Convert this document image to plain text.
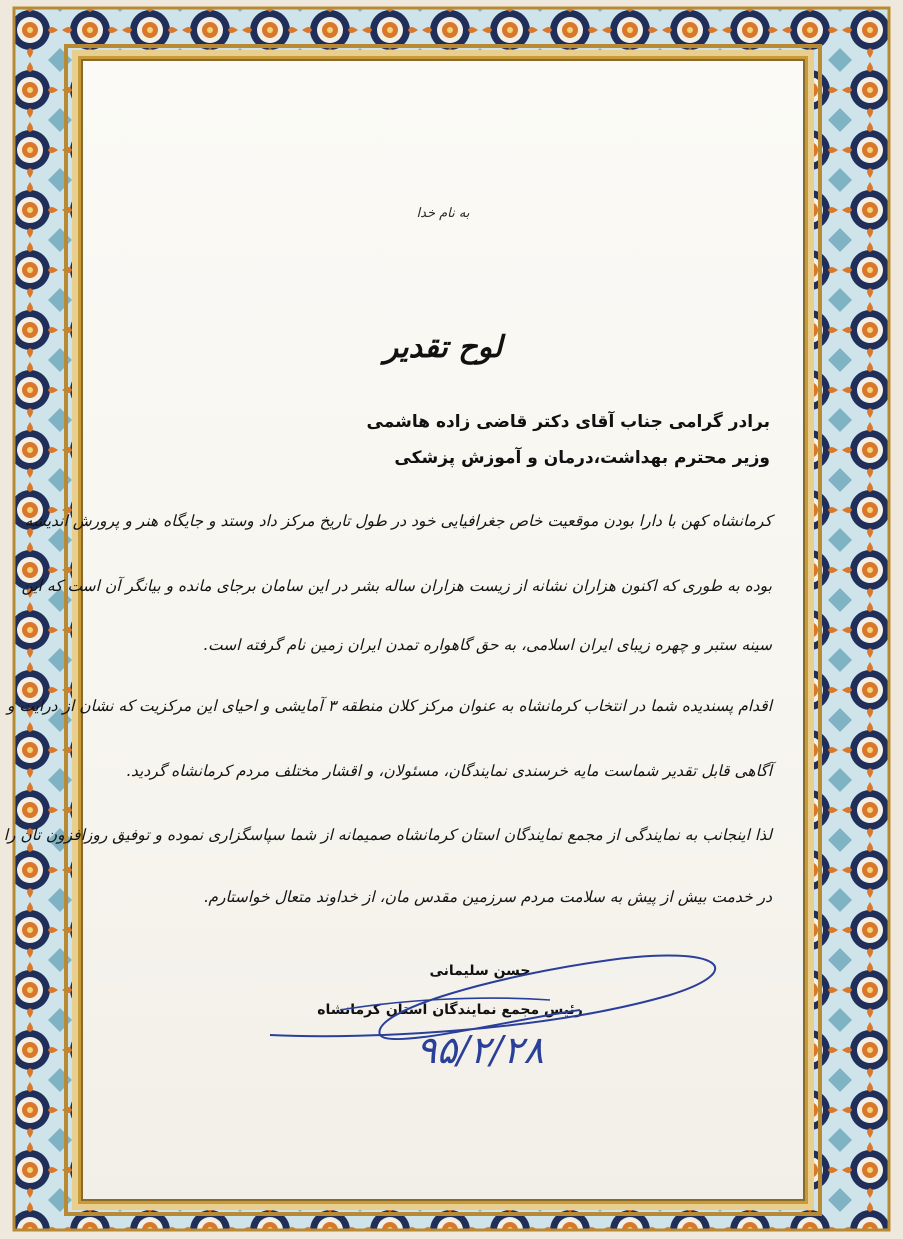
به نام خدا
لوح تقدیر
برادر گرامی جناب آقای دکتر قاضی زاده هاشمی
وزیر محترم بهداشت،درمان و آموزش پزشکی
کرمانشاه کهن با دارا بودن موقعیت خاص جغرافیایی خود در طول تاریخ مرکز داد وستد و جایگاه هنر و پرورش اندیشه
بوده به طوری که اکنون هزاران نشانه از زیست هزاران ساله بشر در این سامان برجای مانده و بیانگر آن است که این
سینه ستبر و چهره زیبای ایران اسلامی، به حق گاهواره تمدن ایران زمین نام گرفته است.
اقدام پسندیده شما در انتخاب کرمانشاه به عنوان مرکز کلان منطقه ۳ آمایشی و احیای این مرکزیت که نشان از درایت و
آگاهی قابل تقدیر شماست مایه خرسندی نمایندگان، مسئولان، و اقشار مختلف مردم کرمانشاه گردید.
لذا اینجانب به نمایندگی از مجمع نمایندگان استان کرمانشاه صمیمانه از شما سپاسگزاری نموده و توفیق روزافزون تان را
در خدمت بیش از پیش به سلامت مردم سرزمین مقدس مان، از خداوند متعال خواستارم.
حسن سلیمانی
رئیس مجمع نمایندگان استان کرمانشاه
۹۵/۲/۲۸
